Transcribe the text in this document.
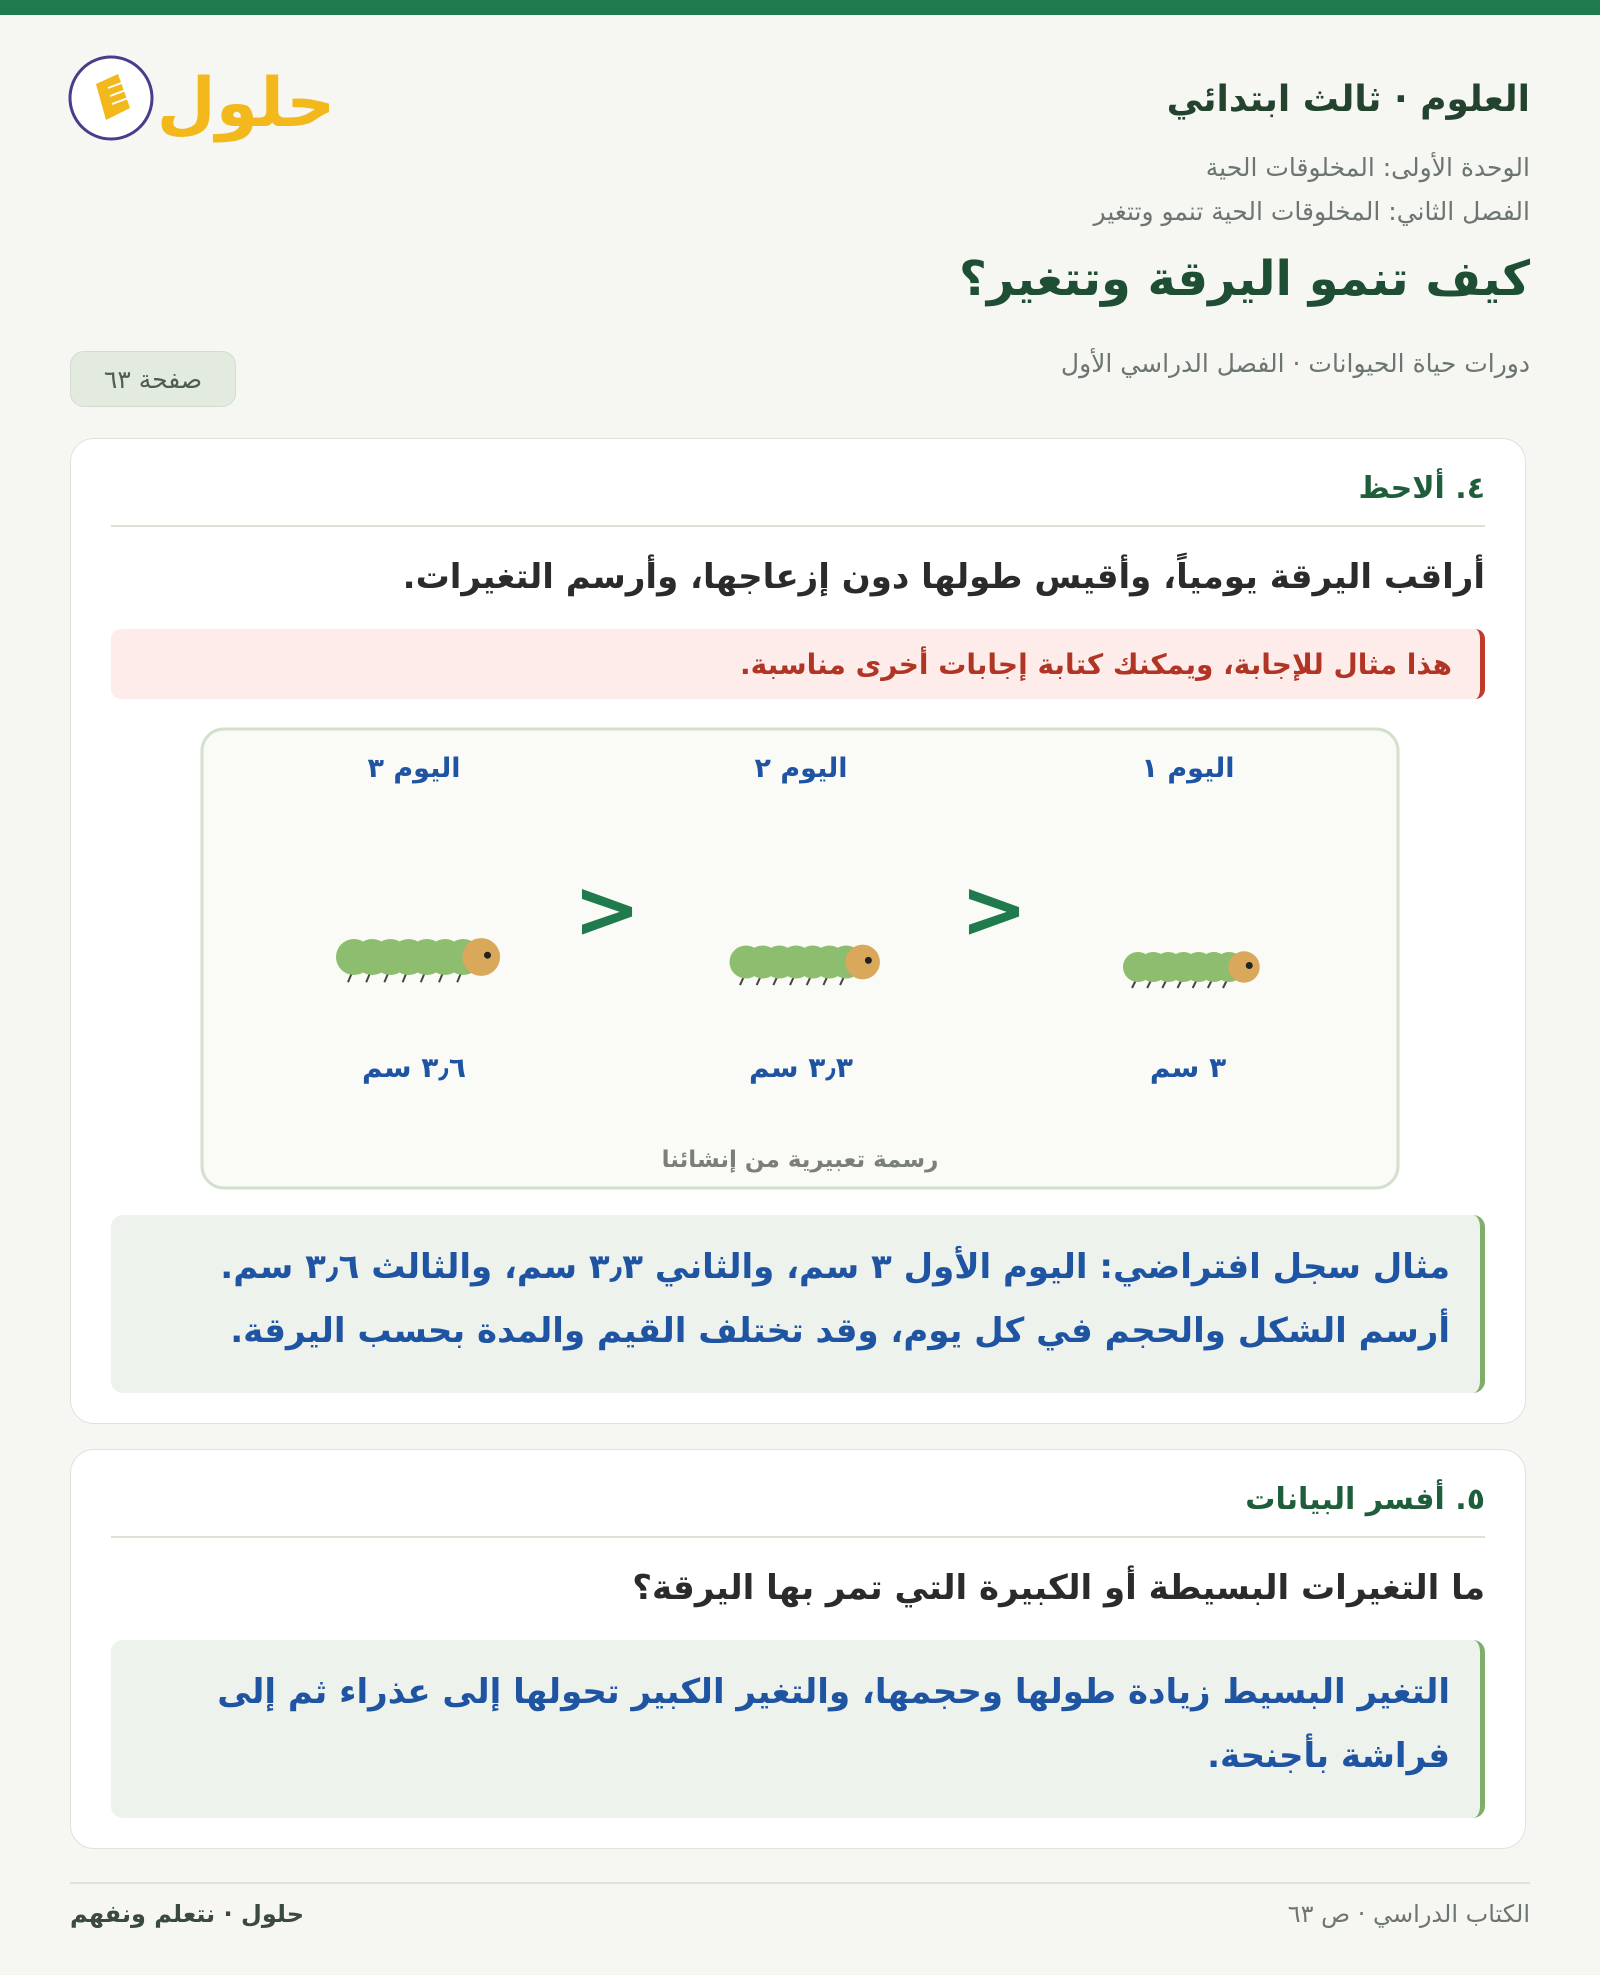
العلوم · ثالث ابتدائي
الوحدة الأولى: المخلوقات الحية
الفصل الثاني: المخلوقات الحية تنمو وتتغير
كيف تنمو اليرقة وتتغير؟
دورات حياة الحيوانات · الفصل الدراسي الأول
حلول
صفحة ٦٣
٤. ألاحظ
أراقب اليرقة يومياً، وأقيس طولها دون إزعاجها، وأرسم التغيرات.
هذا مثال للإجابة، ويمكنك كتابة إجابات أخرى مناسبة.
مثال سجل افتراضي: اليوم الأول ٣ سم، والثاني ٣٫٣ سم، والثالث ٣٫٦ سم.
أرسم الشكل والحجم في كل يوم، وقد تختلف القيم والمدة بحسب اليرقة.
اليوم ١
٣ سم
اليوم ٢
٣٫٣ سم
اليوم ٣
٣٫٦ سم
<
<
رسمة تعبيرية من إنشائنا
٥. أفسر البيانات
ما التغيرات البسيطة أو الكبيرة التي تمر بها اليرقة؟
التغير البسيط زيادة طولها وحجمها، والتغير الكبير تحولها إلى عذراء ثم إلى
فراشة بأجنحة.
حلول · نتعلم ونفهم	الكتاب الدراسي · ص ٦٣
